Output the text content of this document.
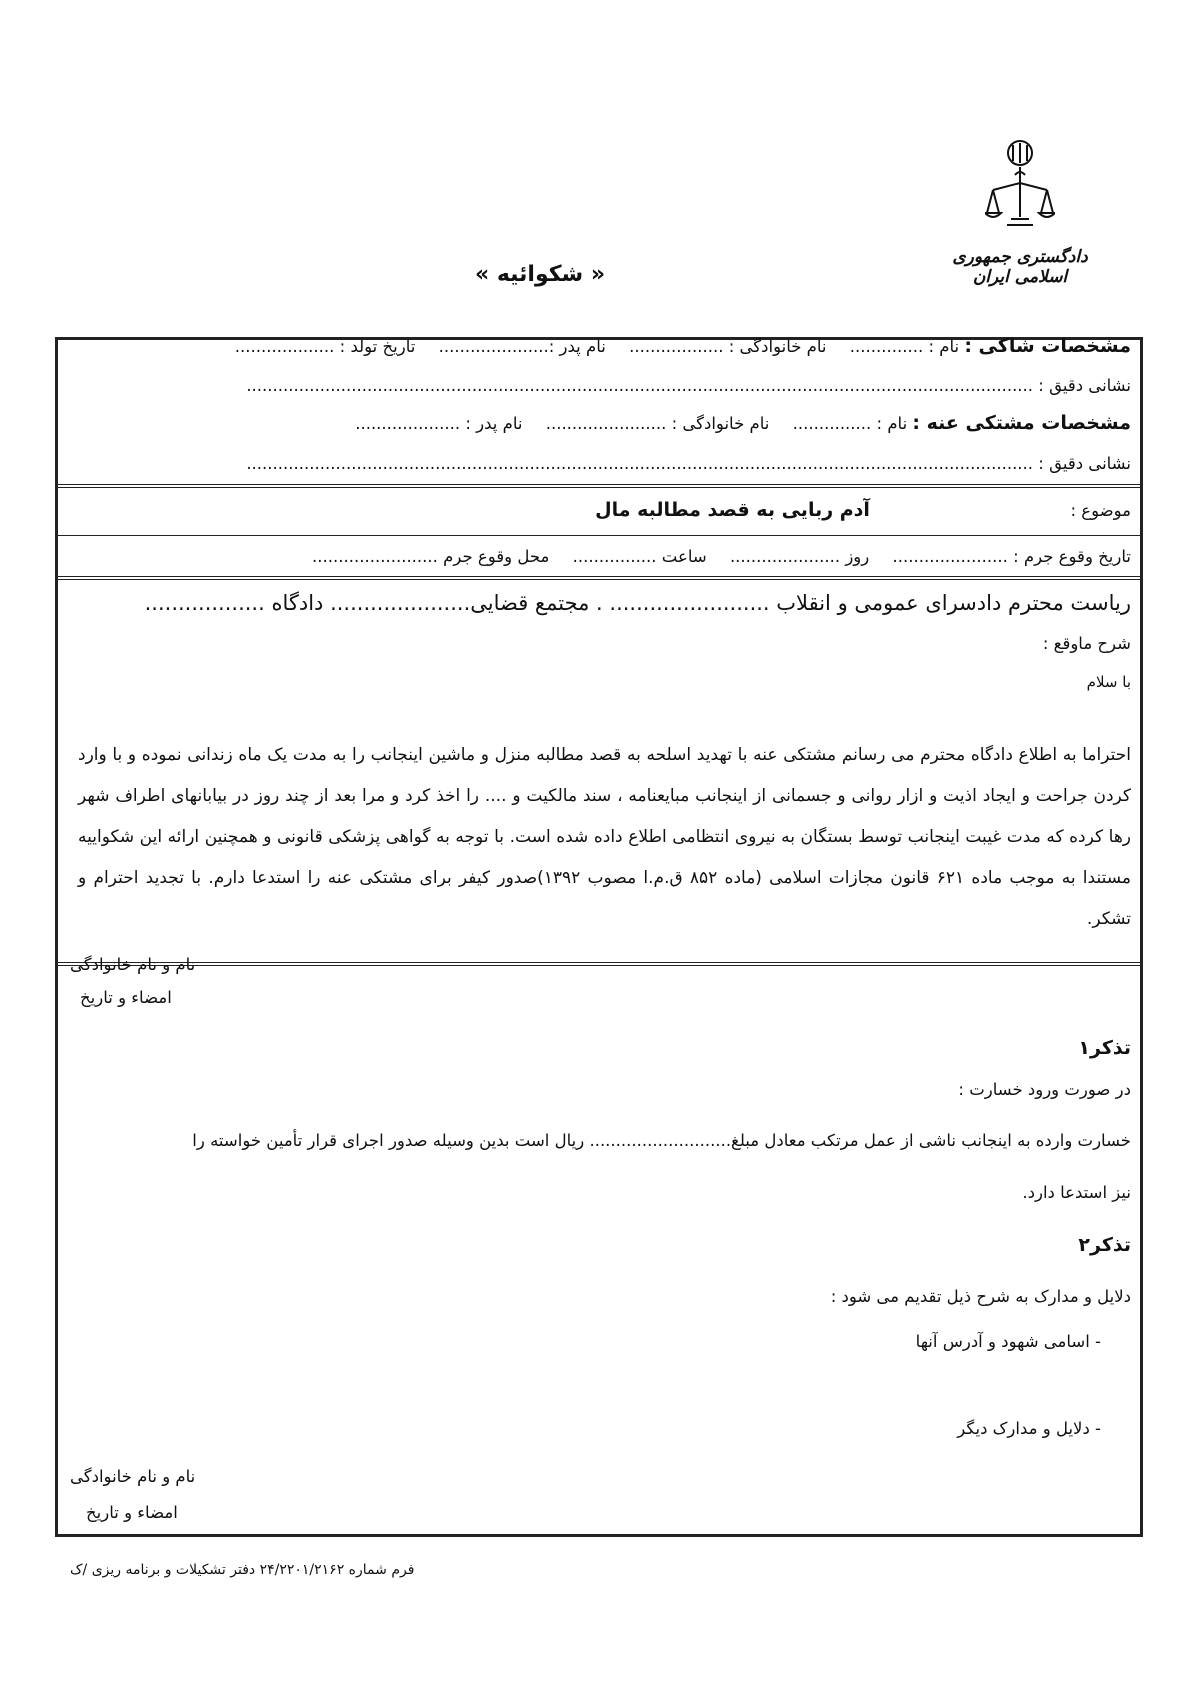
دادگستری جمهوری اسلامی ایران
« شکوائیه »
مشخصات شاکی : نام : .............. نام خانوادگی : .................. نام پدر :..................... تاریخ تولد : ...................
نشانی دقیق : ......................................................................................................................................................
مشخصات مشتکی عنه : نام : ............... نام خانوادگی : ....................... نام پدر : ....................
نشانی دقیق : ......................................................................................................................................................
موضوع :  آدم ربایی به قصد مطالبه مال
تاریخ وقوع جرم : ...................... روز ..................... ساعت ................ محل وقوع جرم ........................
ریاست محترم دادسرای عمومی و انقلاب ........................ . مجتمع قضایی..................... دادگاه ..................
شرح ماوقع :
با سلام

احتراما به اطلاع دادگاه محترم می رسانم مشتکی عنه با تهدید اسلحه به قصد مطالبه منزل و ماشین اینجانب را به مدت یک ماه زندانی نموده و با وارد کردن جراحت و ایجاد اذیت و ازار روانی و جسمانی از اینجانب مبایعنامه ، سند مالکیت و .... را اخذ کرد و مرا بعد از چند روز در بیابانهای اطراف شهر رها کرده که مدت غیبت اینجانب توسط بستگان به نیروی انتظامی اطلاع داده شده است. با توجه به گواهی پزشکی قانونی و همچنین ارائه این شکواییه مستندا به موجب ماده ۶۲۱ قانون مجازات اسلامی (ماده ۸۵۲ ق.م.ا مصوب ۱۳۹۲)صدور کیفر برای مشتکی عنه را استدعا دارم. با تجدید احترام و تشکر.

نام و نام خانوادگی
امضاء و تاریخ
تذکر۱
در صورت ورود خسارت :
خسارت وارده به اینجانب ناشی از عمل مرتکب معادل مبلغ........................... ریال است بدین وسیله صدور اجرای قرار تأمین خواسته را
نیز استدعا دارد.
تذکر۲
دلایل و مدارک به شرح ذیل تقدیم می شود :
- اسامی شهود و آدرس آنها
- دلایل و مدارک دیگر
نام و نام خانوادگی
امضاء و تاریخ
فرم شماره ۲۴/۲۲۰۱/۲۱۶۲ دفتر تشکیلات و برنامه ریزی /ک
